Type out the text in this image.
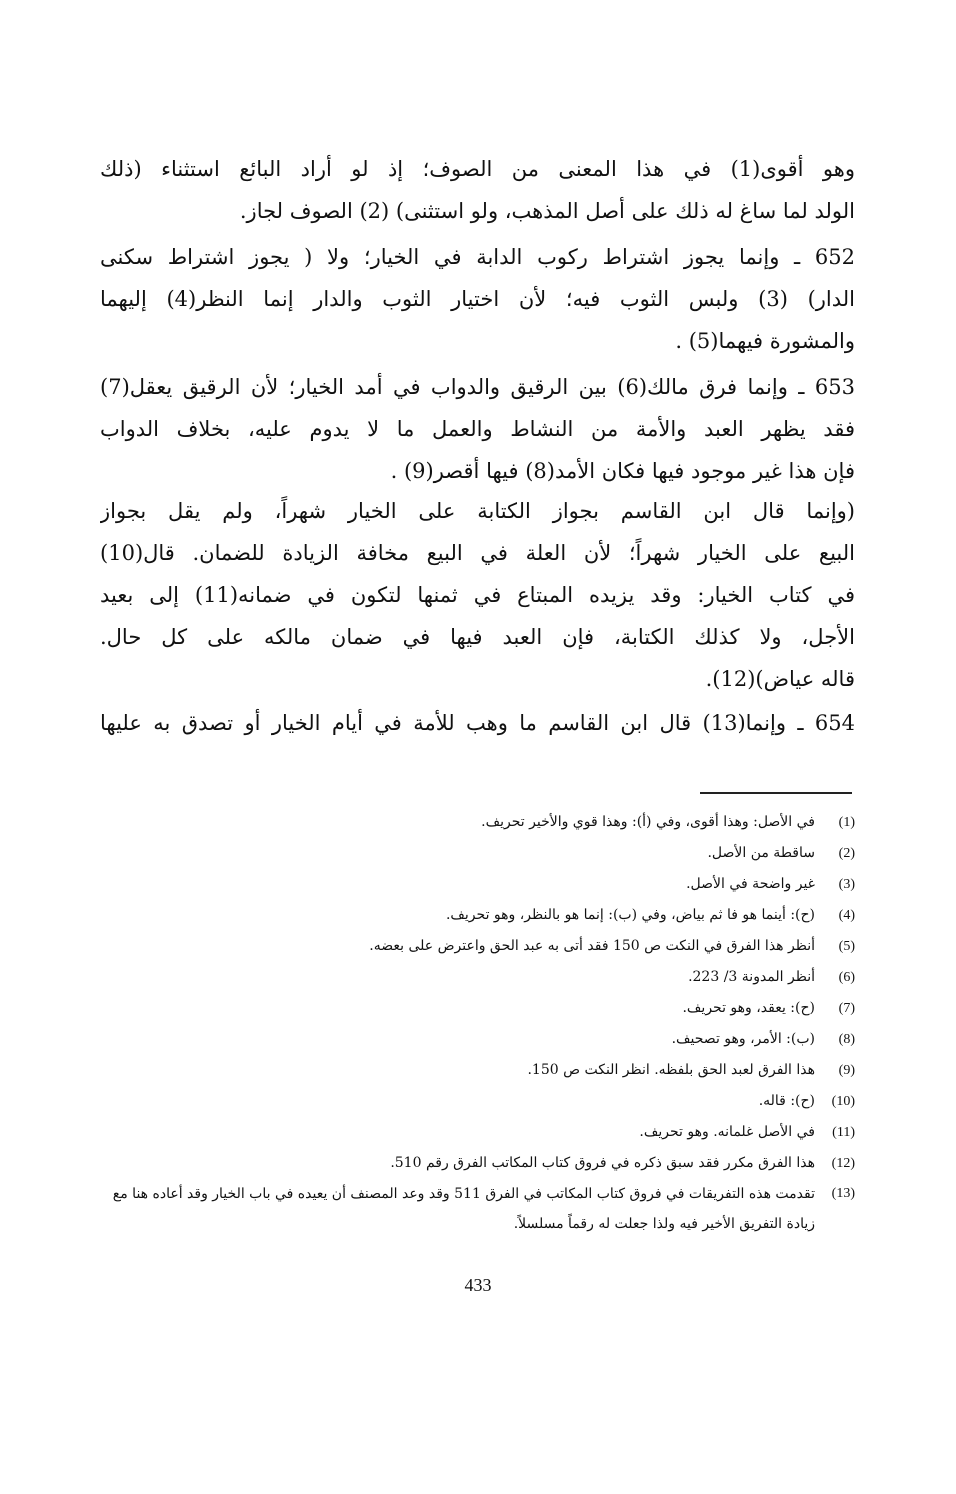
وهو أقوى(1) في هذا المعنى من الصوف؛ إذ لو أراد البائع استثناء (ذلك
الولد لما ساغ له ذلك على أصل المذهب، ولو استثنى) (2) الصوف لجاز.
652 ـ وإنما يجوز اشتراط ركوب الدابة في الخيار؛ ولا ( يجوز اشتراط سكنى
الدار) (3) ولبس الثوب فيه؛ لأن اختيار الثوب والدار إنما النظر(4) إليهما
والمشورة فيهما(5) .
653 ـ وإنما فرق مالك(6) بين الرقيق والدواب في أمد الخيار؛ لأن الرقيق يعقل(7)
فقد يظهر العبد والأمة من النشاط والعمل ما لا يدوم عليه، بخلاف الدواب
فإن هذا غير موجود فيها فكان الأمد(8) فيها أقصر(9) .
(وإنما قال ابن القاسم بجواز الكتابة على الخيار شهراً، ولم يقل بجواز
البيع على الخيار شهراً؛ لأن العلة في البيع مخافة الزيادة للضمان. قال(10)
في كتاب الخيار: وقد يزيده المبتاع في ثمنها لتكون في ضمانه(11) إلى بعيد
الأجل، ولا كذلك الكتابة، فإن العبد فيها في ضمان مالكه على كل حال.
قاله عياض)(12).
654 ـ وإنما(13) قال ابن القاسم ما وهب للأمة في أيام الخيار أو تصدق به عليها
(1)
في الأصل: وهذا أقوى، وفي (أ): وهذا قوي والأخير تحريف.
(2)
ساقطة من الأصل.
(3)
غير واضحة في الأصل.
(4)
(ح): أينما هو فا ثم بياض، وفي (ب): إنما هو بالنظر، وهو تحريف.
(5)
أنظر هذا الفرق في النكت ص 150 فقد أتى به عبد الحق واعترض على بعضه.
(6)
أنظر المدونة 3/ 223.
(7)
(ح): يعقد، وهو تحريف.
(8)
(ب): الأمر، وهو تصحيف.
(9)
هذا الفرق لعبد الحق بلفظه. انظر النكت ص 150.
(10)
(ح): قاله.
(11)
في الأصل غلمانه. وهو تحريف.
(12)
هذا الفرق مكرر فقد سبق ذكره في فروق كتاب المكاتب الفرق رقم 510.
(13)
تقدمت هذه التفريقات في فروق كتاب المكاتب في الفرق 511 وقد وعد المصنف أن يعيده في باب الخيار وقد أعاده هنا مع زيادة التفريق الأخير فيه ولذا جعلت له رقماً مسلسلاً.
433
